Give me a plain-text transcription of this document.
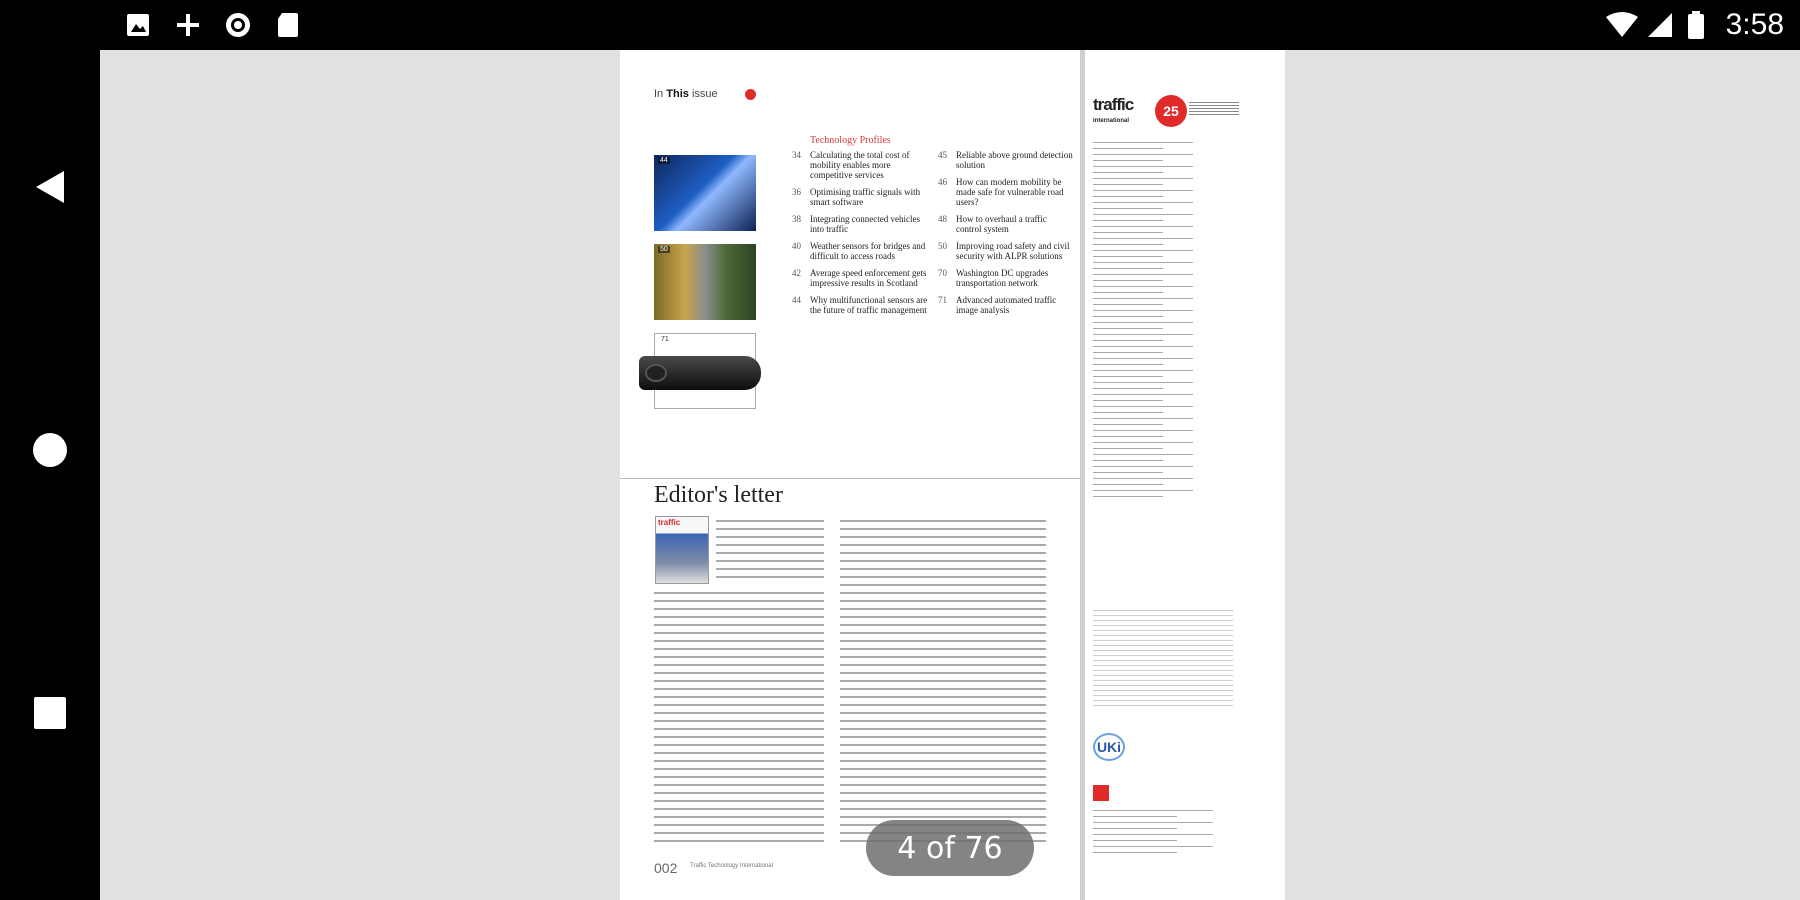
3:58
In This issue
Technology Profiles
44
50
71
34	Calculating the total cost of mobility enables more competitive services
36	Optimising traffic signals with smart software
38	Integrating connected vehicles into traffic
40	Weather sensors for bridges and difficult to access roads
42	Average speed enforcement gets impressive results in Scotland
44	Why multifunctional sensors are the future of traffic management
45	Reliable above ground detection solution
46	How can modern mobility be made safe for vulnerable road users?
48	How to overhaul a traffic control system
50	Improving road safety and civil security with ALPR solutions
70	Washington DC upgrades transportation network
71	Advanced automated traffic image analysis
Editor's letter
traffic
002 Traffic Technology International
traffic
international
25
UKi
4 of 76
